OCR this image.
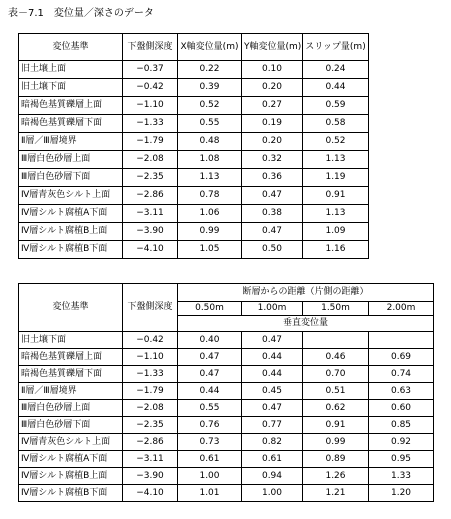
表－7.1　変位量／深さのデータ
変位基準	下盤側深度	X軸変位量(m)	Y軸変位量(m)	スリップ量(m)
旧土壌上面	−0.37	0.22	0.10	0.24
旧土壌下面	−0.42	0.39	0.20	0.44
暗褐色基質礫層上面	−1.10	0.52	0.27	0.59
暗褐色基質礫層下面	−1.33	0.55	0.19	0.58
Ⅱ層／Ⅲ層境界	−1.79	0.48	0.20	0.52
Ⅲ層白色砂層上面	−2.08	1.08	0.32	1.13
Ⅲ層白色砂層下面	−2.35	1.13	0.36	1.19
Ⅳ層青灰色シルト上面	−2.86	0.78	0.47	0.91
Ⅳ層シルト腐植A下面	−3.11	1.06	0.38	1.13
Ⅳ層シルト腐植B上面	−3.90	0.99	0.47	1.09
Ⅳ層シルト腐植B下面	−4.10	1.05	0.50	1.16
変位基準	下盤側深度	断層からの距離（片側の距離）			
		0.50m	1.00m	1.50m	2.00m
		垂直変位量			
旧土壌下面	−0.42	0.40	0.47		
暗褐色基質礫層上面	−1.10	0.47	0.44	0.46	0.69
暗褐色基質礫層下面	−1.33	0.47	0.44	0.70	0.74
Ⅱ層／Ⅲ層境界	−1.79	0.44	0.45	0.51	0.63
Ⅲ層白色砂層上面	−2.08	0.55	0.47	0.62	0.60
Ⅲ層白色砂層下面	−2.35	0.76	0.77	0.91	0.85
Ⅳ層青灰色シルト上面	−2.86	0.73	0.82	0.99	0.92
Ⅳ層シルト腐植A下面	−3.11	0.61	0.61	0.89	0.95
Ⅳ層シルト腐植B上面	−3.90	1.00	0.94	1.26	1.33
Ⅳ層シルト腐植B下面	−4.10	1.01	1.00	1.21	1.20
